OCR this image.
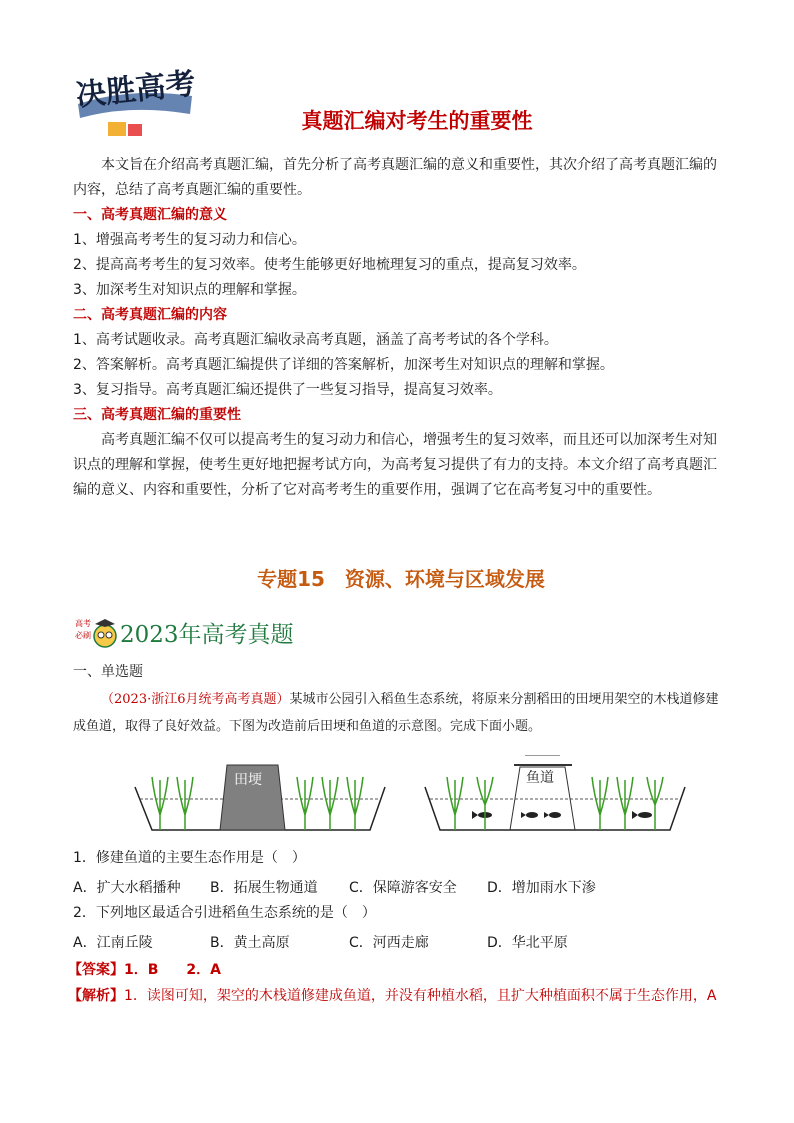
决胜高考
真题汇编对考生的重要性
本文旨在介绍高考真题汇编，首先分析了高考真题汇编的意义和重要性，其次介绍了高考真题汇编的内容，总结了高考真题汇编的重要性。
一、高考真题汇编的意义
1、增强高考考生的复习动力和信心。
2、提高高考考生的复习效率。使考生能够更好地梳理复习的重点，提高复习效率。
3、加深考生对知识点的理解和掌握。
二、高考真题汇编的内容
1、高考试题收录。高考真题汇编收录高考真题，涵盖了高考考试的各个学科。
2、答案解析。高考真题汇编提供了详细的答案解析，加深考生对知识点的理解和掌握。
3、复习指导。高考真题汇编还提供了一些复习指导，提高复习效率。
三、高考真题汇编的重要性
高考真题汇编不仅可以提高考生的复习动力和信心，增强考生的复习效率，而且还可以加深考生对知识点的理解和掌握，使考生更好地把握考试方向，为高考复习提供了有力的支持。本文介绍了高考真题汇编的意义、内容和重要性，分析了它对高考考生的重要作用，强调了它在高考复习中的重要性。
专题15　资源、环境与区域发展
高考
必刷 2023年高考真题
一、单选题
（2023·浙江6月统考高考真题）某城市公园引入稻鱼生态系统，将原来分割稻田的田埂用架空的木栈道修建成鱼道，取得了良好效益。下图为改造前后田埂和鱼道的示意图。完成下面小题。
田埂	鱼道
1．修建鱼道的主要生态作用是（　）
A．扩大水稻播种 B．拓展生物通道 C．保障游客安全 D．增加雨水下渗
2．下列地区最适合引进稻鱼生态系统的是（　）
A．江南丘陵	B．黄土高原	C．河西走廊	D．华北平原
【答案】1．B　　2．A
【解析】1．读图可知，架空的木栈道修建成鱼道，并没有种植水稻，且扩大种植面积不属于生态作用，A
